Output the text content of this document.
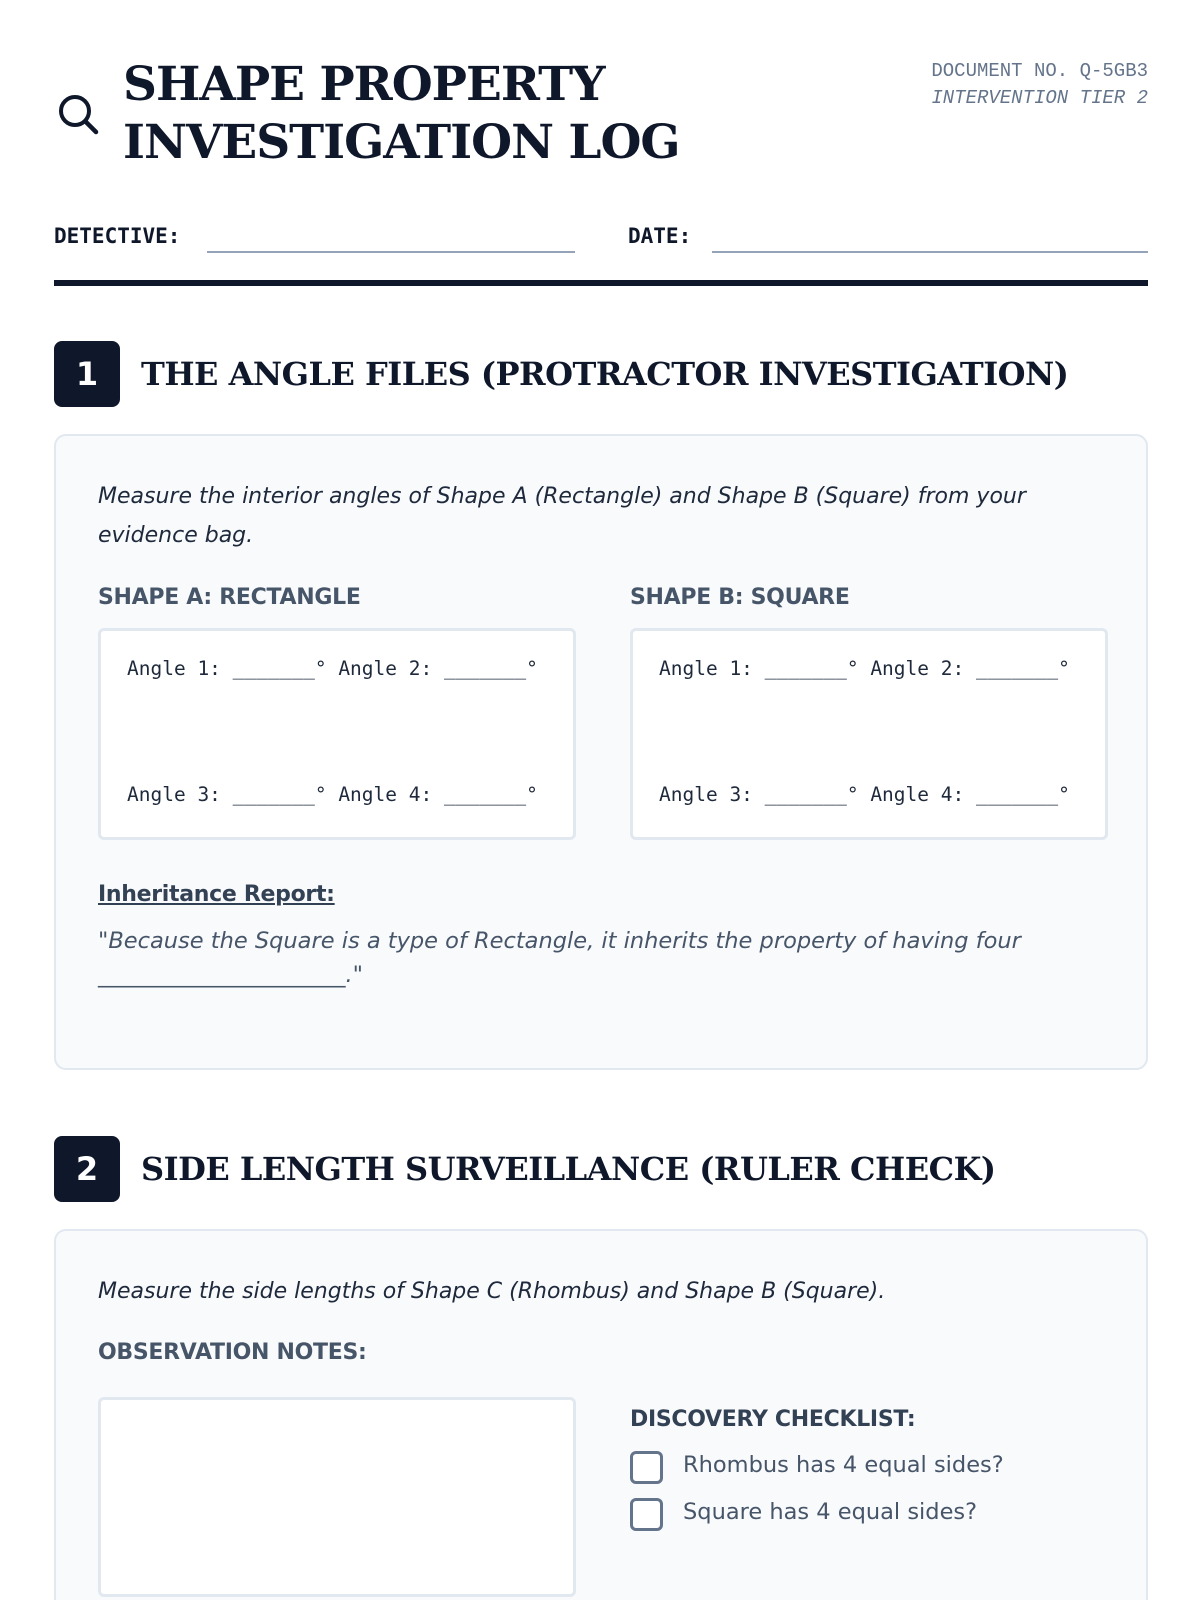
SHAPE PROPERTY INVESTIGATION LOG
DOCUMENT NO. Q-5GB3
INTERVENTION TIER 2
DETECTIVE:	DATE:
1	THE ANGLE FILES (PROTRACTOR INVESTIGATION)
Measure the interior angles of Shape A (Rectangle) and Shape B (Square) from your evidence bag.
SHAPE A: RECTANGLE	SHAPE B: SQUARE
Angle 1: _______° Angle 2: _______°
Angle 3: _______° Angle 4: _______°
Angle 1: _______° Angle 2: _______°
Angle 3: _______° Angle 4: _______°
Inheritance Report:
"Because the Square is a type of Rectangle, it inherits the property of having four ______________________."
2	SIDE LENGTH SURVEILLANCE (RULER CHECK)
Measure the side lengths of Shape C (Rhombus) and Shape B (Square).
OBSERVATION NOTES:
DISCOVERY CHECKLIST:
Rhombus has 4 equal sides?
Square has 4 equal sides?
